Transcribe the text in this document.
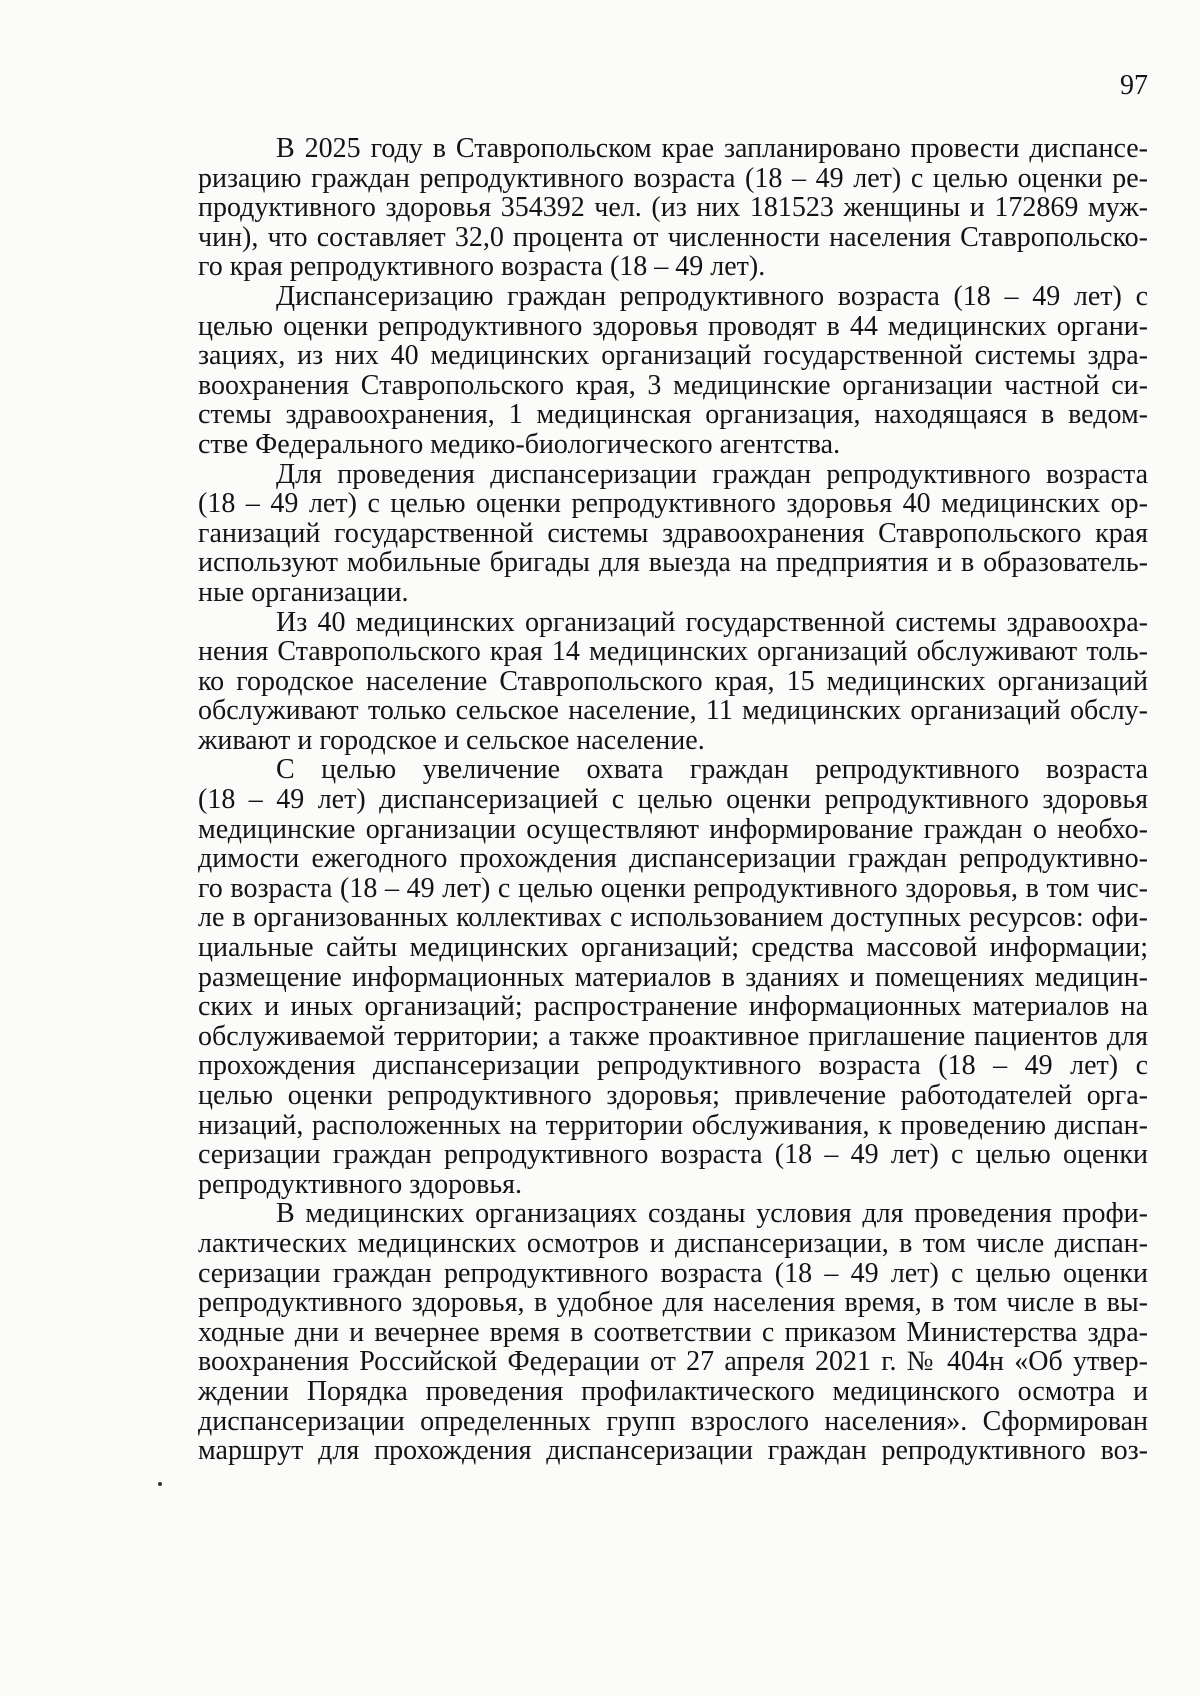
97

В 2025 году в Ставропольском крае запланировано провести диспансе-
ризацию граждан репродуктивного возраста (18 – 49 лет) с целью оценки ре-
продуктивного здоровья 354392 чел. (из них 181523 женщины и 172869 муж-
чин), что составляет 32,0 процента от численности населения Ставропольско-
го края репродуктивного возраста (18 – 49 лет).

Диспансеризацию граждан репродуктивного возраста (18 – 49 лет) с
целью оценки репродуктивного здоровья проводят в 44 медицинских органи-
зациях, из них 40 медицинских организаций государственной системы здра-
воохранения Ставропольского края, 3 медицинские организации частной си-
стемы здравоохранения, 1 медицинская организация, находящаяся в ведом-
стве Федерального медико-биологического агентства.

Для проведения диспансеризации граждан репродуктивного возраста
(18 – 49 лет) с целью оценки репродуктивного здоровья 40 медицинских ор-
ганизаций государственной системы здравоохранения Ставропольского края
используют мобильные бригады для выезда на предприятия и в образователь-
ные организации.

Из 40 медицинских организаций государственной системы здравоохра-
нения Ставропольского края 14 медицинских организаций обслуживают толь-
ко городское население Ставропольского края, 15 медицинских организаций
обслуживают только сельское население, 11 медицинских организаций обслу-
живают и городское и сельское население.

С целью увеличение охвата граждан репродуктивного возраста
(18 – 49 лет) диспансеризацией с целью оценки репродуктивного здоровья
медицинские организации осуществляют информирование граждан о необхо-
димости ежегодного прохождения диспансеризации граждан репродуктивно-
го возраста (18 – 49 лет) с целью оценки репродуктивного здоровья, в том чис-
ле в организованных коллективах с использованием доступных ресурсов: офи-
циальные сайты медицинских организаций; средства массовой информации;
размещение информационных материалов в зданиях и помещениях медицин-
ских и иных организаций; распространение информационных материалов на
обслуживаемой территории; а также проактивное приглашение пациентов для
прохождения диспансеризации репродуктивного возраста (18 – 49 лет) с
целью оценки репродуктивного здоровья; привлечение работодателей орга-
низаций, расположенных на территории обслуживания, к проведению диспан-
серизации граждан репродуктивного возраста (18 – 49 лет) с целью оценки
репродуктивного здоровья.

В медицинских организациях созданы условия для проведения профи-
лактических медицинских осмотров и диспансеризации, в том числе диспан-
серизации граждан репродуктивного возраста (18 – 49 лет) с целью оценки
репродуктивного здоровья, в удобное для населения время, в том числе в вы-
ходные дни и вечернее время в соответствии с приказом Министерства здра-
воохранения Российской Федерации от 27 апреля 2021 г. № 404н «Об утвер-
ждении Порядка проведения профилактического медицинского осмотра и
диспансеризации определенных групп взрослого населения». Сформирован
маршрут для прохождения диспансеризации граждан репродуктивного воз-
